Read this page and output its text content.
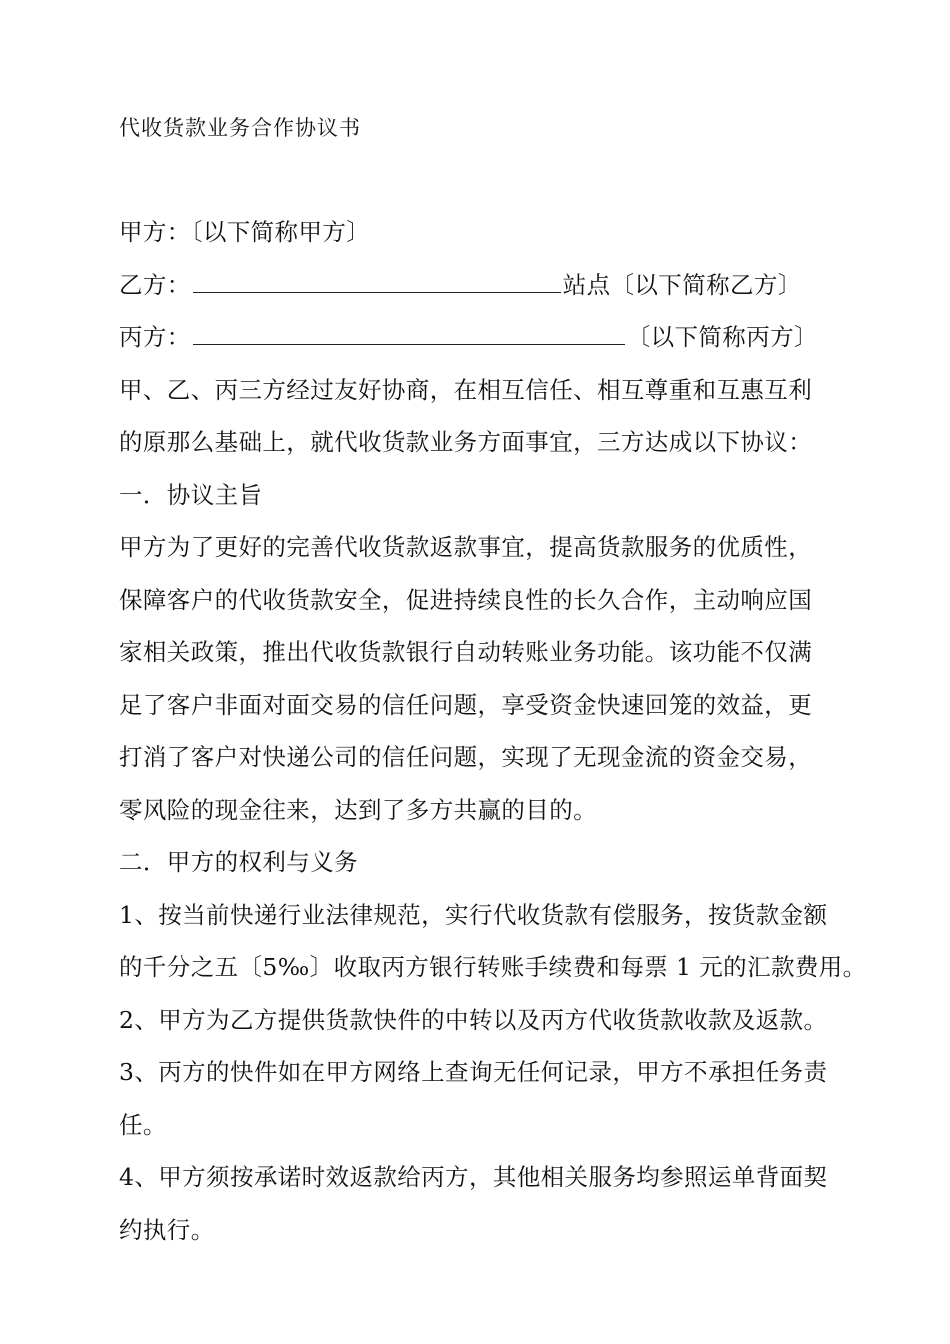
代收货款业务合作协议书
甲方：〔以下简称甲方〕
乙方：	站点〔以下简称乙方〕
丙方：	〔以下简称丙方〕
甲、乙、丙三方经过友好协商，在相互信任、相互尊重和互惠互利
的原那么基础上，就代收货款业务方面事宜，三方达成以下协议：
一．协议主旨
甲方为了更好的完善代收货款返款事宜，提高货款服务的优质性，
保障客户的代收货款安全，促进持续良性的长久合作，主动响应国
家相关政策，推出代收货款银行自动转账业务功能。该功能不仅满
足了客户非面对面交易的信任问题，享受资金快速回笼的效益，更
打消了客户对快递公司的信任问题，实现了无现金流的资金交易，
零风险的现金往来，达到了多方共赢的目的。
二．甲方的权利与义务
1、按当前快递行业法律规范，实行代收货款有偿服务，按货款金额
的千分之五〔5‰〕收取丙方银行转账手续费和每票 1 元的汇款费用。
2、甲方为乙方提供货款快件的中转以及丙方代收货款收款及返款。
3、丙方的快件如在甲方网络上查询无任何记录，甲方不承担任务责
任。
4、甲方须按承诺时效返款给丙方，其他相关服务均参照运单背面契
约执行。
